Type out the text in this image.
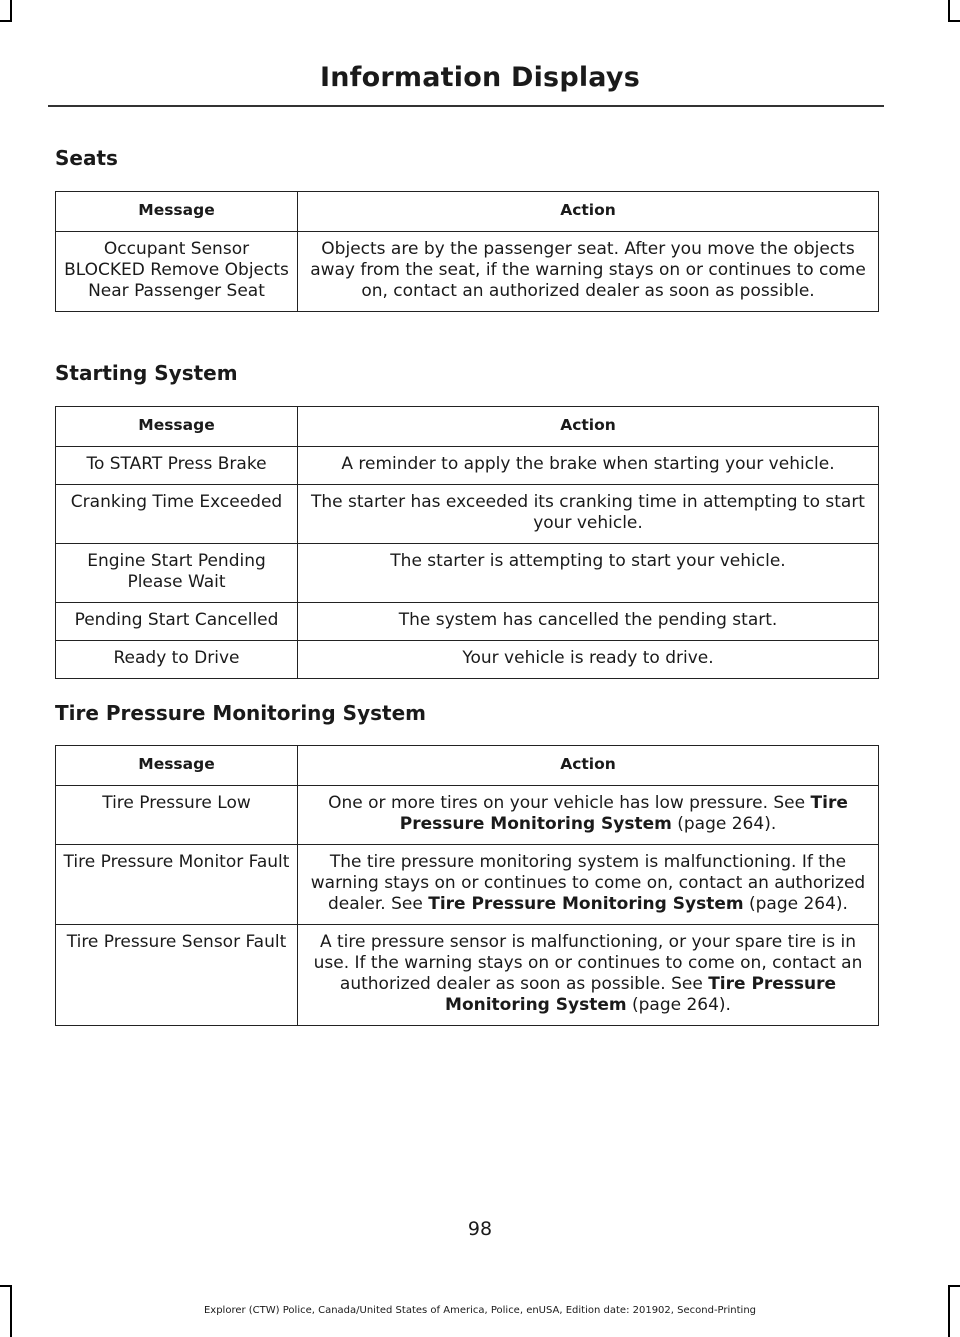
Information Displays
Seats
Message	Action
Occupant Sensor BLOCKED Remove Objects Near Passenger Seat	Objects are by the passenger seat. After you move the objects away from the seat, if the warning stays on or continues to come on, contact an authorized dealer as soon as possible.
Starting System
Message	Action
To START Press Brake	A reminder to apply the brake when starting your vehicle.
Cranking Time Exceeded	The starter has exceeded its cranking time in attempting to start your vehicle.
Engine Start Pending Please Wait	The starter is attempting to start your vehicle.
Pending Start Cancelled	The system has cancelled the pending start.
Ready to Drive	Your vehicle is ready to drive.
Tire Pressure Monitoring System
Message	Action
Tire Pressure Low	One or more tires on your vehicle has low pressure. See Tire Pressure Monitoring System (page 264).
Tire Pressure Monitor Fault	The tire pressure monitoring system is malfunctioning. If the warning stays on or continues to come on, contact an authorized dealer. See Tire Pressure Monitoring System (page 264).
Tire Pressure Sensor Fault	A tire pressure sensor is malfunctioning, or your spare tire is in use. If the warning stays on or continues to come on, contact an authorized dealer as soon as possible. See Tire Pressure Monitoring System (page 264).
98
Explorer (CTW) Police, Canada/United States of America, Police, enUSA, Edition date: 201902, Second-Printing
